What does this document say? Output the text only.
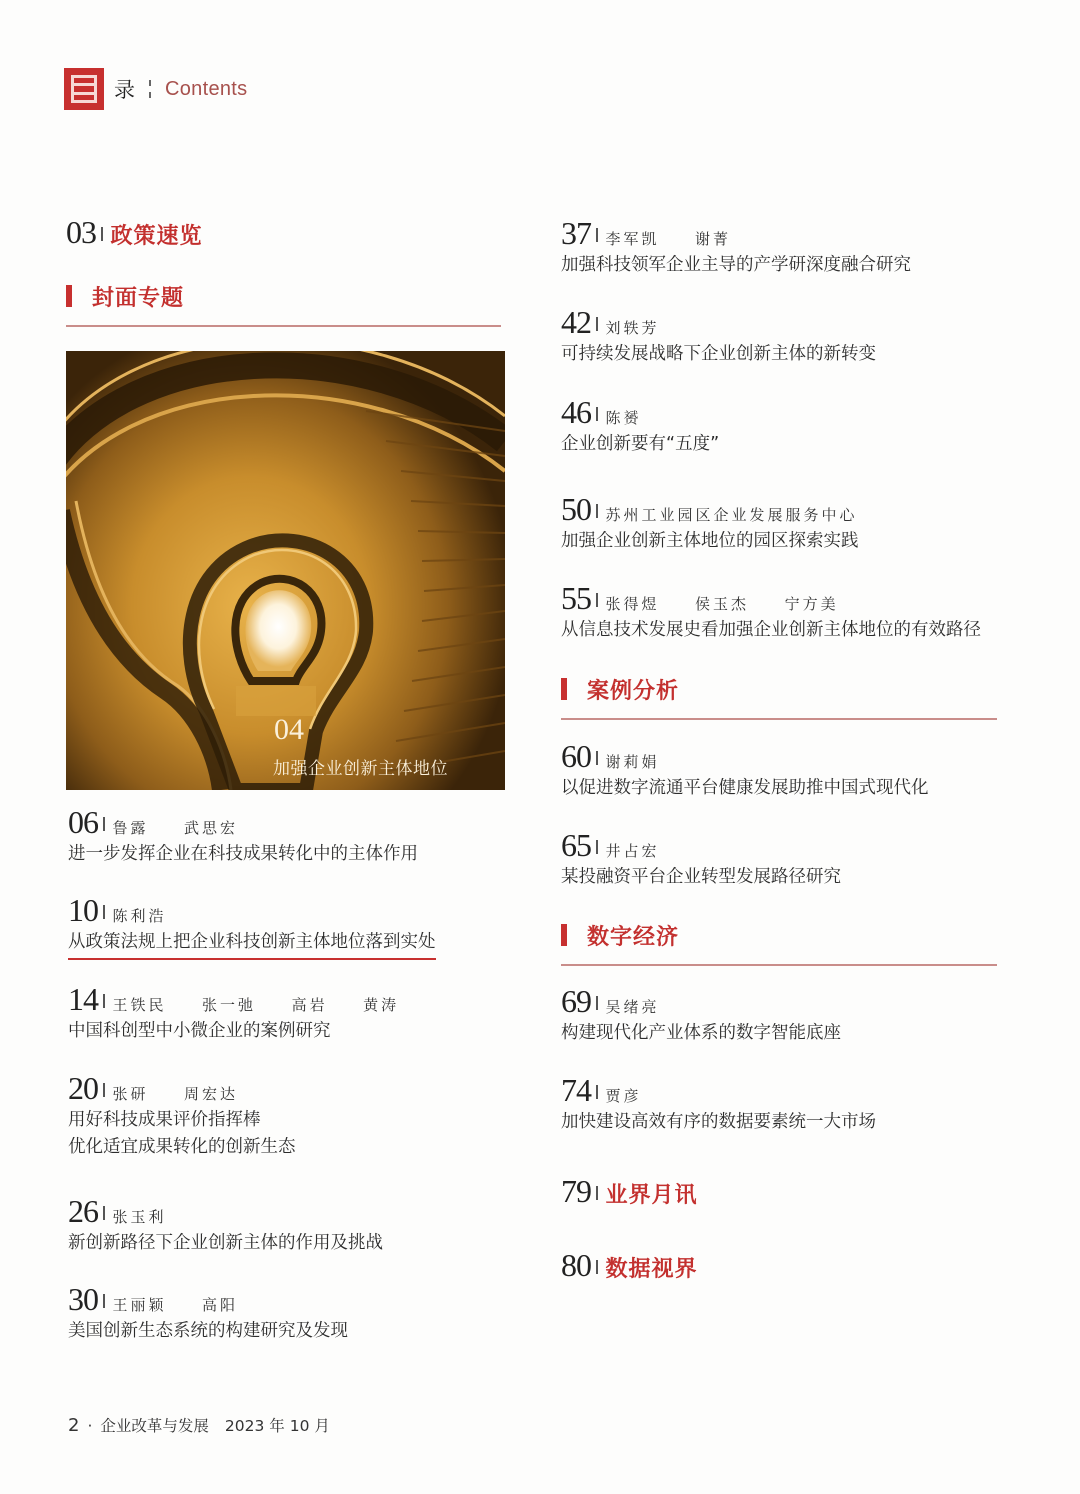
录 Contents
03 政策速览
封面专题
04
加强企业创新主体地位
06 鲁露  武思宏
进一步发挥企业在科技成果转化中的主体作用
10 陈利浩
从政策法规上把企业科技创新主体地位落到实处
14 王铁民  张一弛  高岩  黄涛
中国科创型中小微企业的案例研究
20 张研  周宏达
用好科技成果评价指挥棒
优化适宜成果转化的创新生态
26 张玉利
新创新路径下企业创新主体的作用及挑战
30 王丽颖  高阳
美国创新生态系统的构建研究及发现
37 李军凯  谢菁
加强科技领军企业主导的产学研深度融合研究
42 刘轶芳
可持续发展战略下企业创新主体的新转变
46 陈赟
企业创新要有“五度”
50 苏州工业园区企业发展服务中心
加强企业创新主体地位的园区探索实践
55 张得煜  侯玉杰  宁方美
从信息技术发展史看加强企业创新主体地位的有效路径
案例分析
60 谢莉娟
以促进数字流通平台健康发展助推中国式现代化
65 井占宏
某投融资平台企业转型发展路径研究
数字经济
69 吴绪亮
构建现代化产业体系的数字智能底座
74 贾彦
加快建设高效有序的数据要素统一大市场
79 业界月讯
80 数据视界
2 · 企业改革与发展 2023 年 10 月
